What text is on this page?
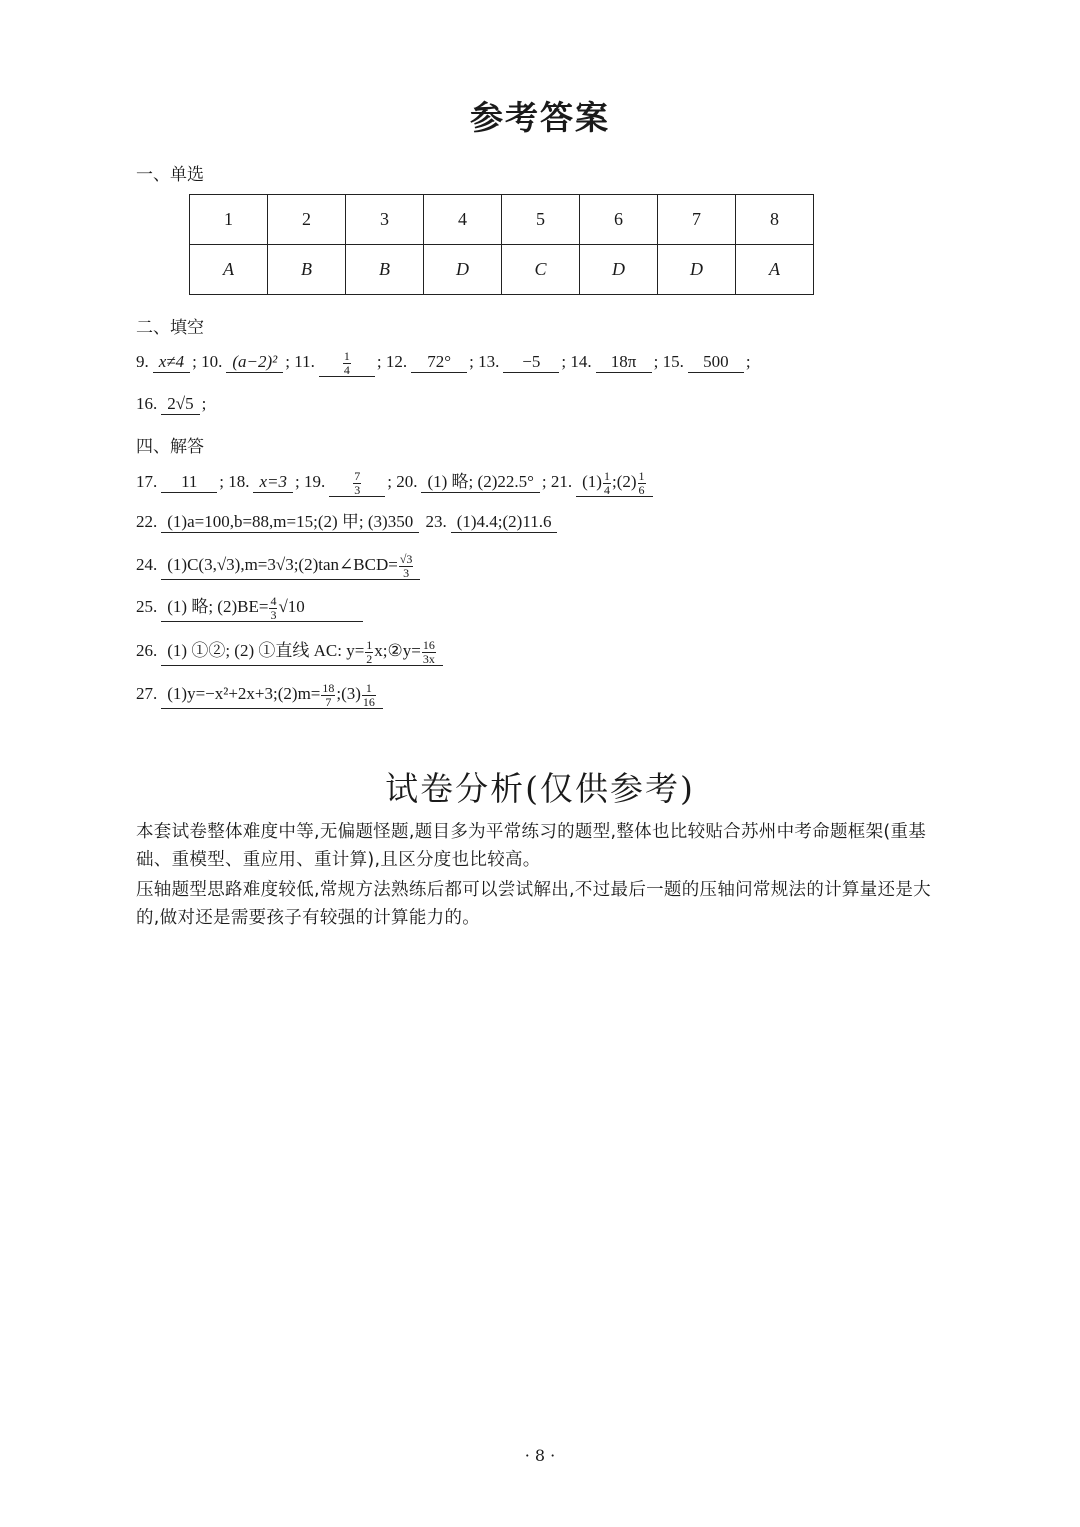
参考答案
一、单选
1	2	3	4	5	6	7	8
A	B	B	D	C	D	D	A
二、填空
9. x≠4 ; 10. (a−2)² ; 11. $\frac{1}{4}$ ; 12. 72° ; 13. −5 ; 14. 18π ; 15. 500 ;
16. 2√5 ;
四、解答
17. 11 ; 18. x=3 ; 19. $\frac{7}{3}$ ; 20. (1) 略; (2)22.5° ; 21. $(1) \frac{1}{4}$ ;(2) $\frac{1}{6}$
22. (1)a=100,b=88,m=15;(2) 甲; (3)350 23. (1)4.4;(2)11.6
24. (1)C(3,√3),m=3√3;(2)tan∠BCD= $\frac{√3}{3}$
25. (1) 略; $(2)BE= \frac{4}{3} √10$
26. (1) ①②; (2) ①直线 AC: $y= \frac{1}{2}$ x;②y= $\frac{16}{3x}$
27. (1)y=−x²+2x+3;(2)m= $\frac{18}{7}$ ;(3) $\frac{1}{16}$
试卷分析(仅供参考)
本套试卷整体难度中等,无偏题怪题,题目多为平常练习的题型,整体也比较贴合苏州中考命题框架(重基础、重模型、重应用、重计算),且区分度也比较高。
压轴题型思路难度较低,常规方法熟练后都可以尝试解出,不过最后一题的压轴问常规法的计算量还是大的,做对还是需要孩子有较强的计算能力的。
· 8 ·
